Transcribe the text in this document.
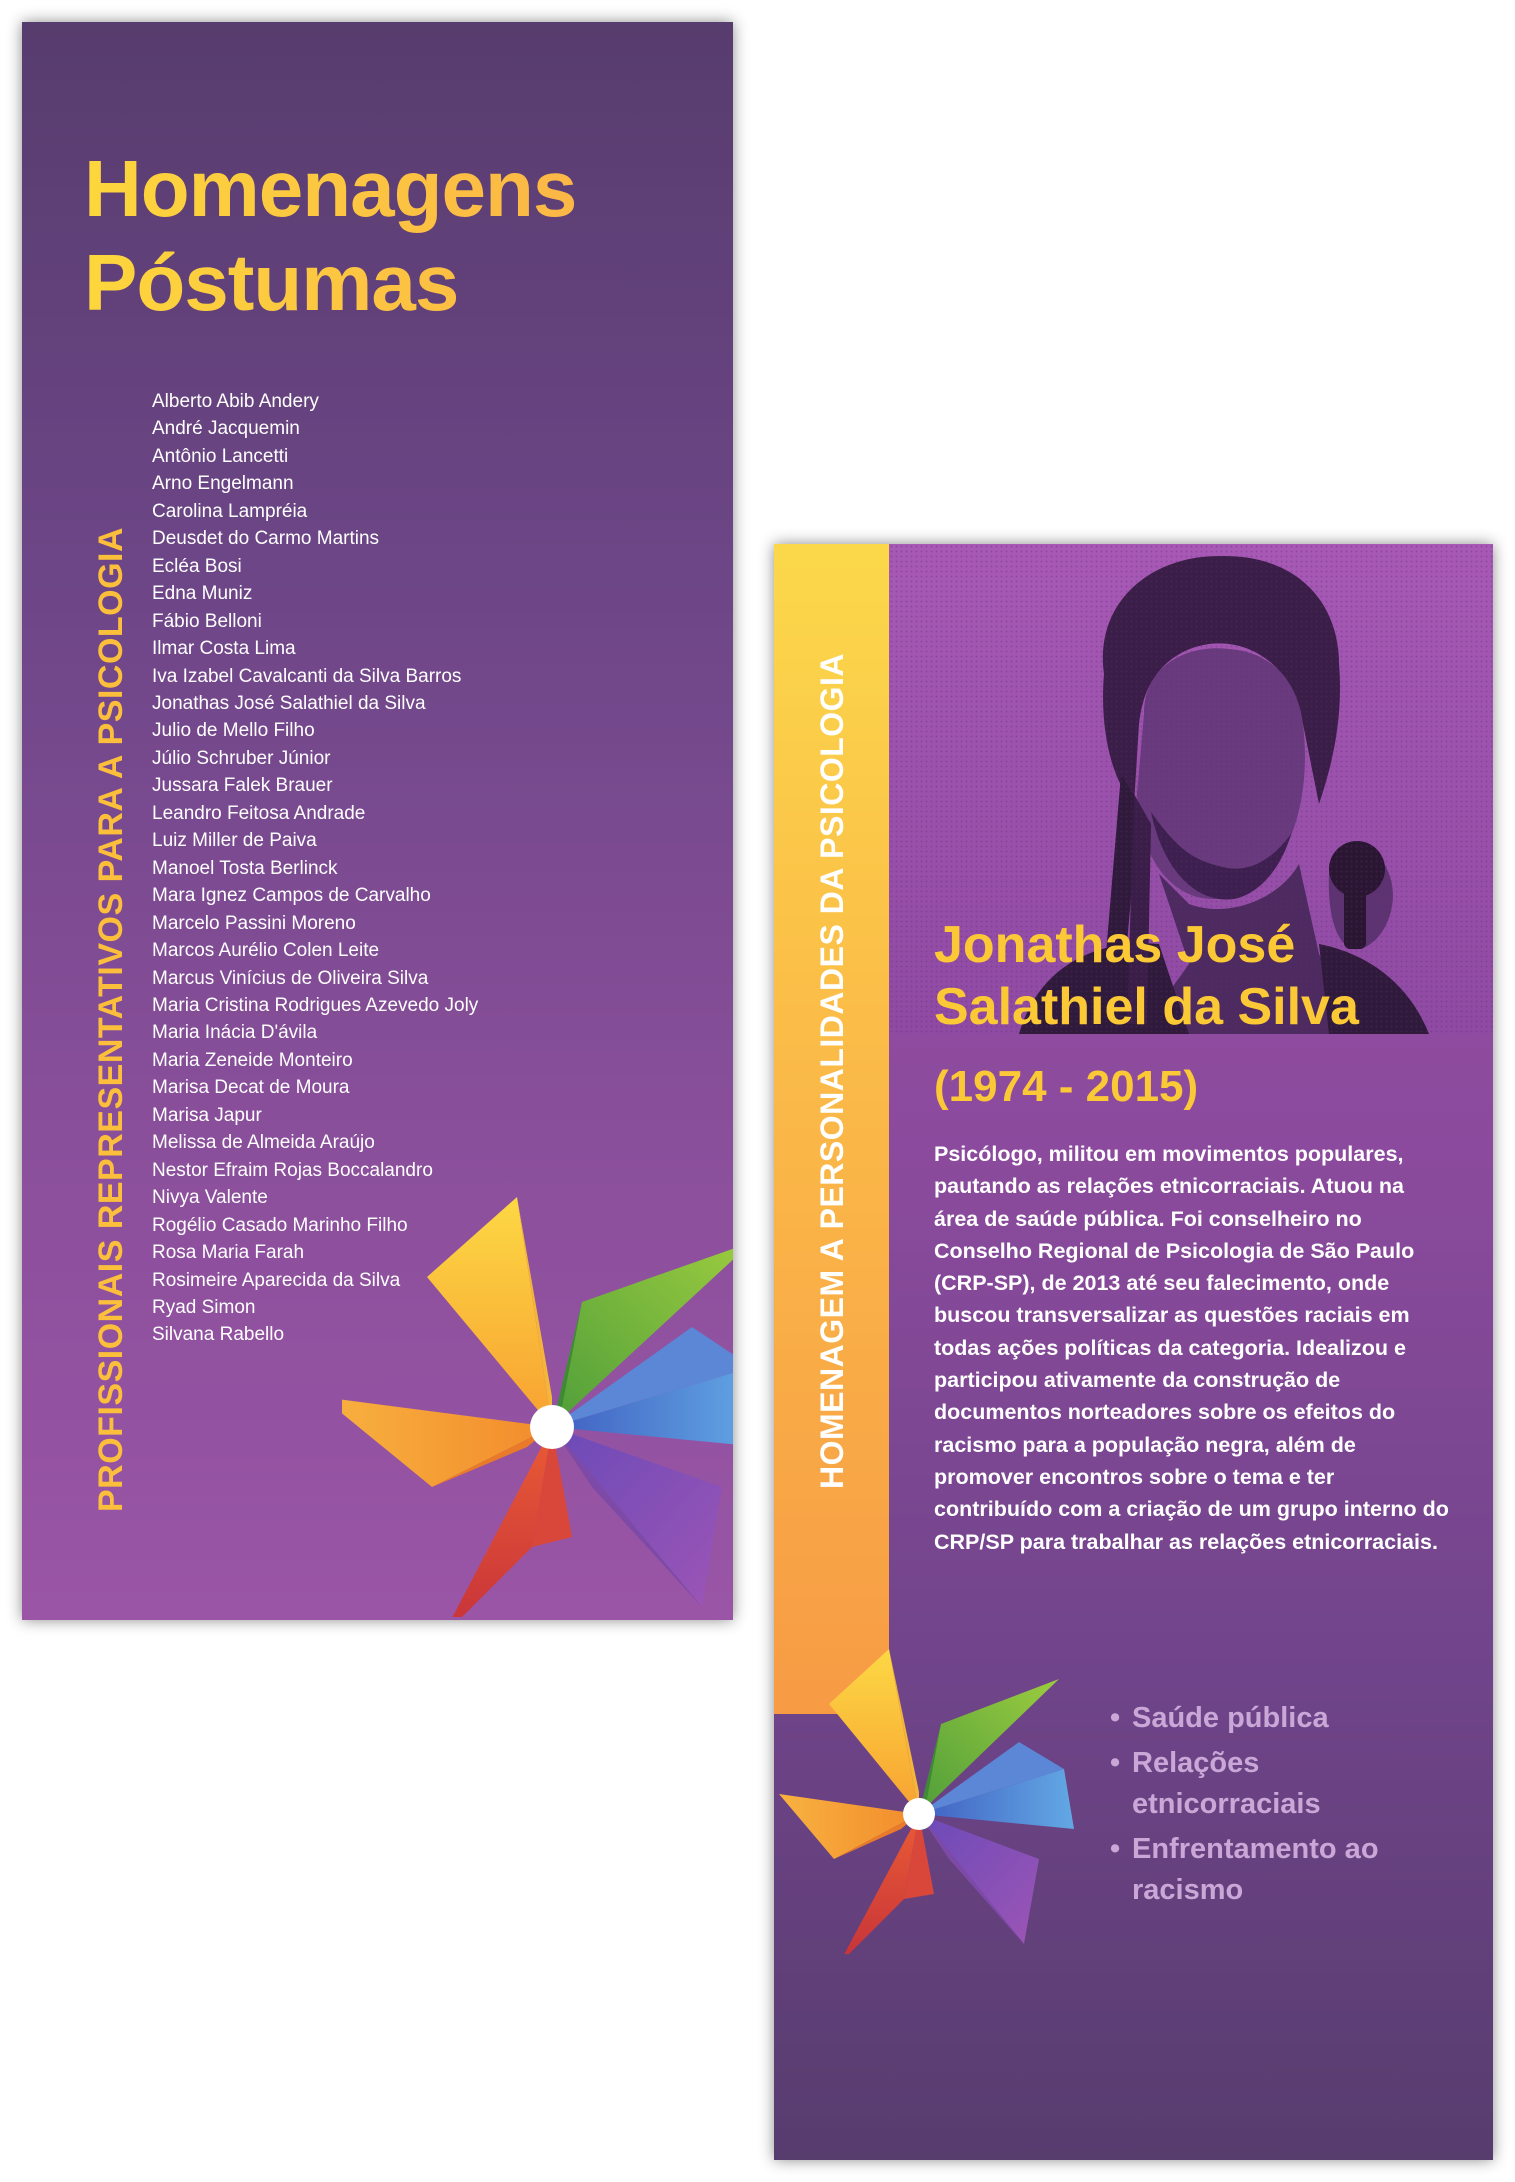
Homenagens
Póstumas
PROFISSIONAIS REPRESENTATIVOS PARA A PSICOLOGIA
Alberto Abib Andery
André Jacquemin
Antônio Lancetti
Arno Engelmann
Carolina Lampréia
Deusdet do Carmo Martins
Ecléa Bosi
Edna Muniz
Fábio Belloni
Ilmar Costa Lima
Iva Izabel Cavalcanti da Silva Barros
Jonathas José Salathiel da Silva
Julio de Mello Filho
Júlio Schruber Júnior
Jussara Falek Brauer
Leandro Feitosa Andrade
Luiz Miller de Paiva
Manoel Tosta Berlinck
Mara Ignez Campos de Carvalho
Marcelo Passini Moreno
Marcos Aurélio Colen Leite
Marcus Vinícius de Oliveira Silva
Maria Cristina Rodrigues Azevedo Joly
Maria Inácia D'ávila
Maria Zeneide Monteiro
Marisa Decat de Moura
Marisa Japur
Melissa de Almeida Araújo
Nestor Efraim Rojas Boccalandro
Nivya Valente
Rogélio Casado Marinho Filho
Rosa Maria Farah
Rosimeire Aparecida da Silva
Ryad Simon
Silvana Rabello	HOMENAGEM A PERSONALIDADES DA PSICOLOGIA Jonathas José
Salathiel da Silva

(1974 - 2015)

Psicólogo, militou em movimentos populares, pautando as relações etnicorraciais. Atuou na área de saúde pública. Foi conselheiro no Conselho Regional de Psicologia de São Paulo (CRP-SP), de 2013 até seu falecimento, onde buscou transversalizar as questões raciais em todas ações políticas da categoria. Idealizou e participou ativamente da construção de documentos norteadores sobre os efeitos do racismo para a população negra, além de promover encontros sobre o tema e ter contribuído com a criação de um grupo interno do CRP/SP para trabalhar as relações etnicorraciais.

• Saúde pública
• Relações etnicorraciais
• Enfrentamento ao racismo
